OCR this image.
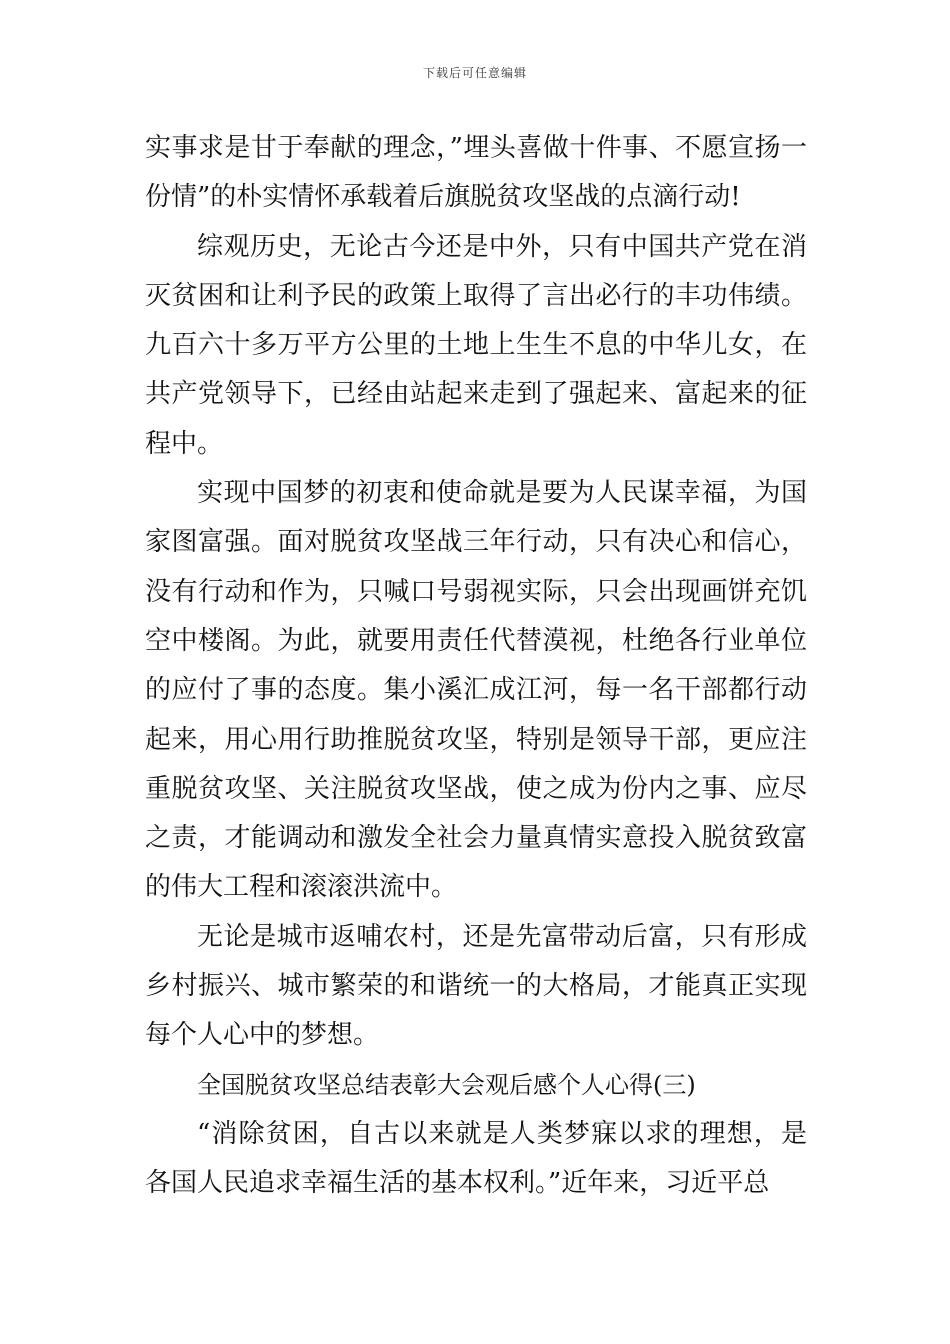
下载后可任意编辑

实事求是甘于奉献的理念，”埋头喜做十件事、不愿宣扬一份情”的朴实情怀承载着后旗脱贫攻坚战的点滴行动!

综观历史，无论古今还是中外，只有中国共产党在消灭贫困和让利予民的政策上取得了言出必行的丰功伟绩。九百六十多万平方公里的土地上生生不息的中华儿女，在共产党领导下，已经由站起来走到了强起来、富起来的征程中。

实现中国梦的初衷和使命就是要为人民谋幸福，为国家图富强。面对脱贫攻坚战三年行动，只有决心和信心，没有行动和作为，只喊口号弱视实际，只会出现画饼充饥空中楼阁。为此，就要用责任代替漠视，杜绝各行业单位的应付了事的态度。集小溪汇成江河，每一名干部都行动起来，用心用行助推脱贫攻坚，特别是领导干部，更应注重脱贫攻坚、关注脱贫攻坚战，使之成为份内之事、应尽之责，才能调动和激发全社会力量真情实意投入脱贫致富的伟大工程和滚滚洪流中。

无论是城市返哺农村，还是先富带动后富，只有形成乡村振兴、城市繁荣的和谐统一的大格局，才能真正实现每个人心中的梦想。

全国脱贫攻坚总结表彰大会观后感个人心得(三)

“消除贫困，自古以来就是人类梦寐以求的理想，是各国人民追求幸福生活的基本权利。”近年来，习近平总
